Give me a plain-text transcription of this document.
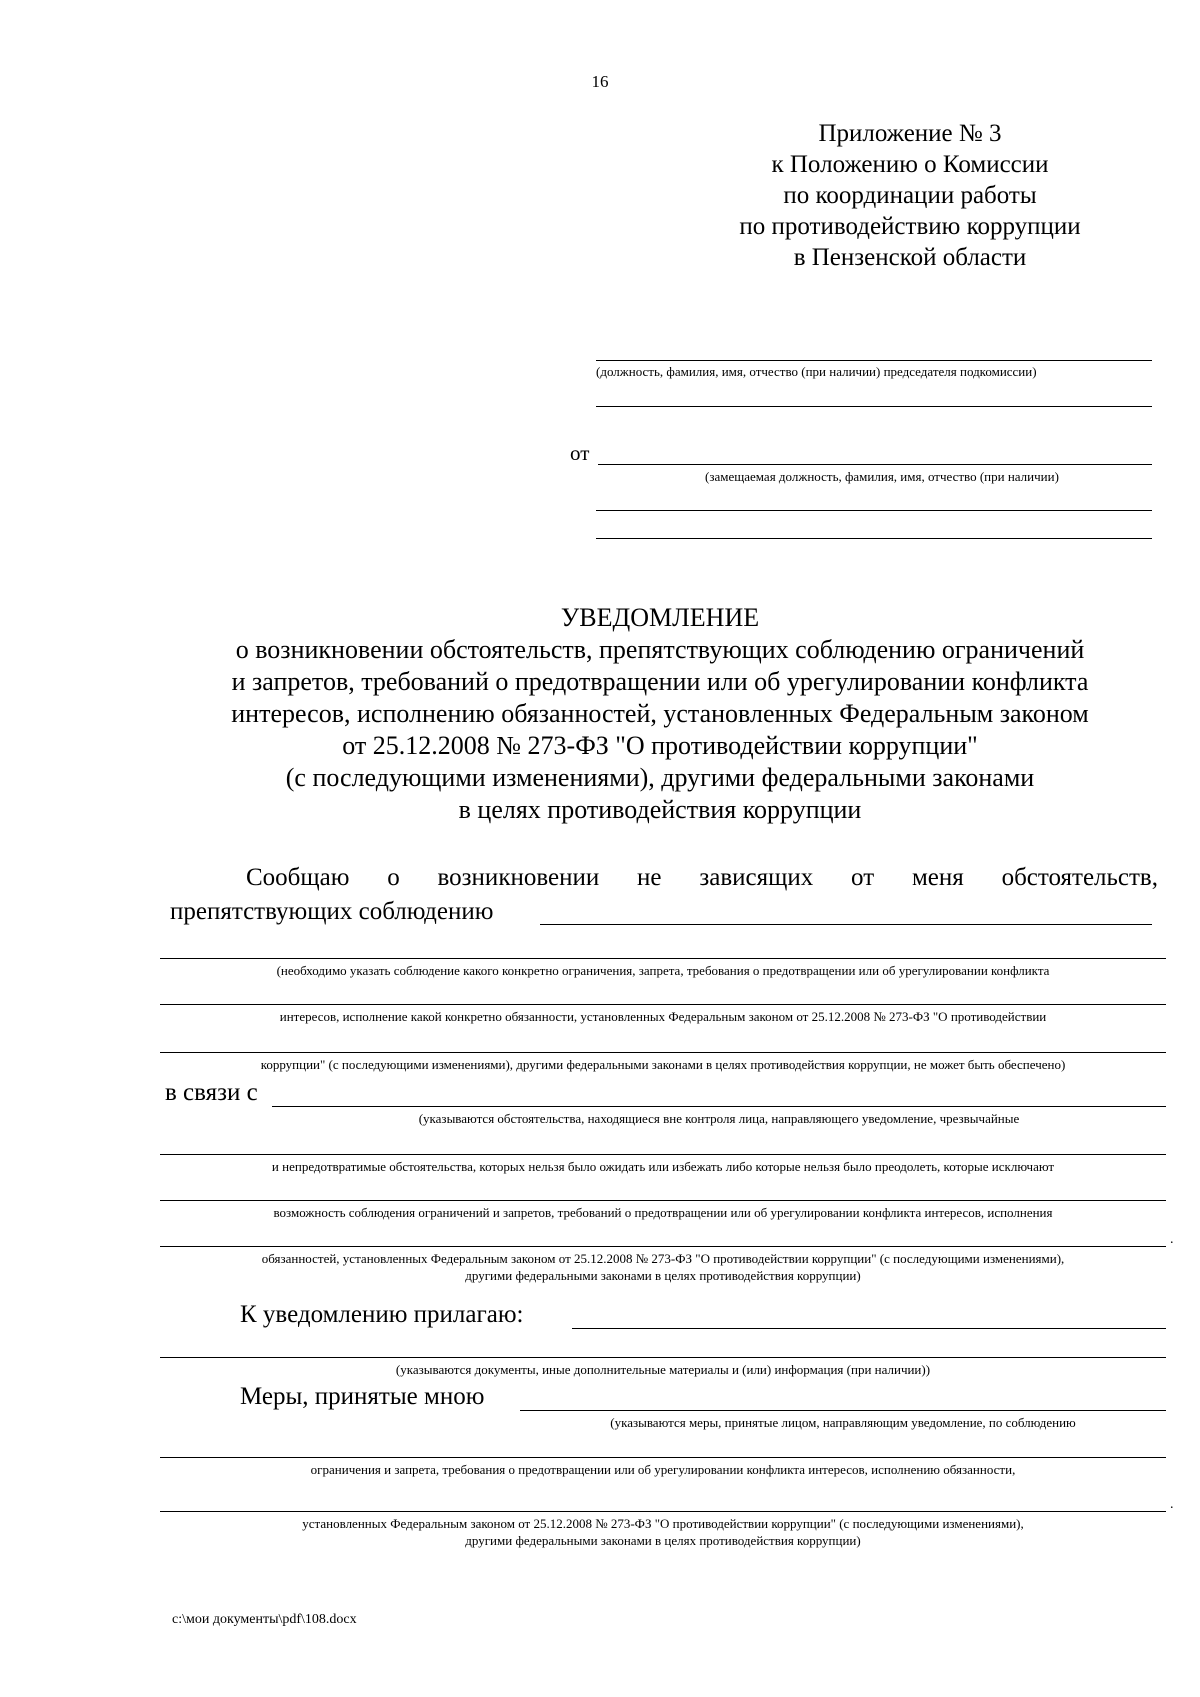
16
Приложение № 3
к Положению о Комиссии
по координации работы
по противодействию коррупции
в Пензенской области
(должность, фамилия, имя, отчество (при наличии) председателя подкомиссии)
от
(замещаемая должность, фамилия, имя, отчество (при наличии)
УВЕДОМЛЕНИЕ
о возникновении обстоятельств, препятствующих соблюдению ограничений
и запретов, требований о предотвращении или об урегулировании конфликта
интересов, исполнению обязанностей, установленных Федеральным законом
от 25.12.2008 № 273-ФЗ "О противодействии коррупции"
(с последующими изменениями), другими федеральными законами
в целях противодействия коррупции
Сообщаю о возникновении не зависящих от меня обстоятельств,
препятствующих соблюдению
(необходимо указать соблюдение какого конкретно ограничения, запрета, требования о предотвращении или об урегулировании конфликта
интересов, исполнение какой конкретно обязанности, установленных Федеральным законом от 25.12.2008 № 273-ФЗ "О противодействии
коррупции" (с последующими изменениями), другими федеральными законами в целях противодействия коррупции, не может быть обеспечено)
в связи с
(указываются обстоятельства, находящиеся вне контроля лица, направляющего уведомление, чрезвычайные
и непредотвратимые обстоятельства, которых нельзя было ожидать или избежать либо которые нельзя было преодолеть, которые исключают
возможность соблюдения ограничений и запретов, требований о предотвращении или об урегулировании конфликта интересов, исполнения
.
обязанностей, установленных Федеральным законом от 25.12.2008 № 273-ФЗ "О противодействии коррупции" (с последующими изменениями),
другими федеральными законами в целях противодействия коррупции)
К уведомлению прилагаю:
(указываются документы, иные дополнительные материалы и (или) информация (при наличии))
Меры, принятые мною
(указываются меры, принятые лицом, направляющим уведомление, по соблюдению
ограничения и запрета, требования о предотвращении или об урегулировании конфликта интересов, исполнению обязанности,
.
установленных Федеральным законом от 25.12.2008 № 273-ФЗ "О противодействии коррупции" (с последующими изменениями),
другими федеральными законами в целях противодействия коррупции)
c:\мои документы\pdf\108.docx
